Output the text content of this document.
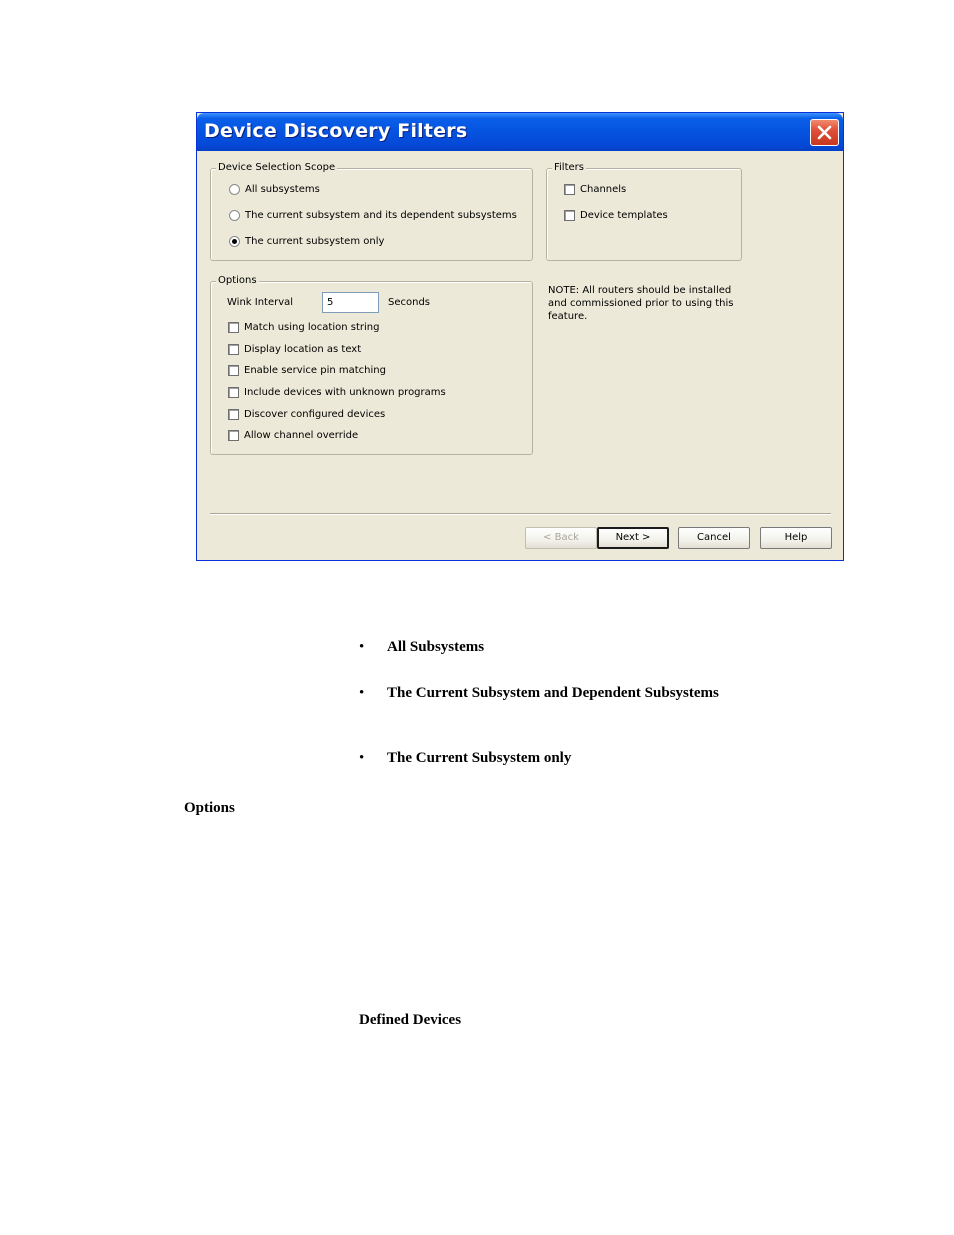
Device Discovery Filters
Device Selection Scope
All subsystems
The current subsystem and its dependent subsystems
The current subsystem only
Filters
Channels
Device templates
Options
Wink Interval
5	Seconds
Match using location string
Display location as text
Enable service pin matching
Include devices with unknown programs
Discover configured devices
Allow channel override
NOTE: All routers should be installed and commissioned prior to using this feature.
< Back	Next >	Cancel	Help
• All Subsystems
• The Current Subsystem and Dependent Subsystems
• The Current Subsystem only
Options
Defined Devices
